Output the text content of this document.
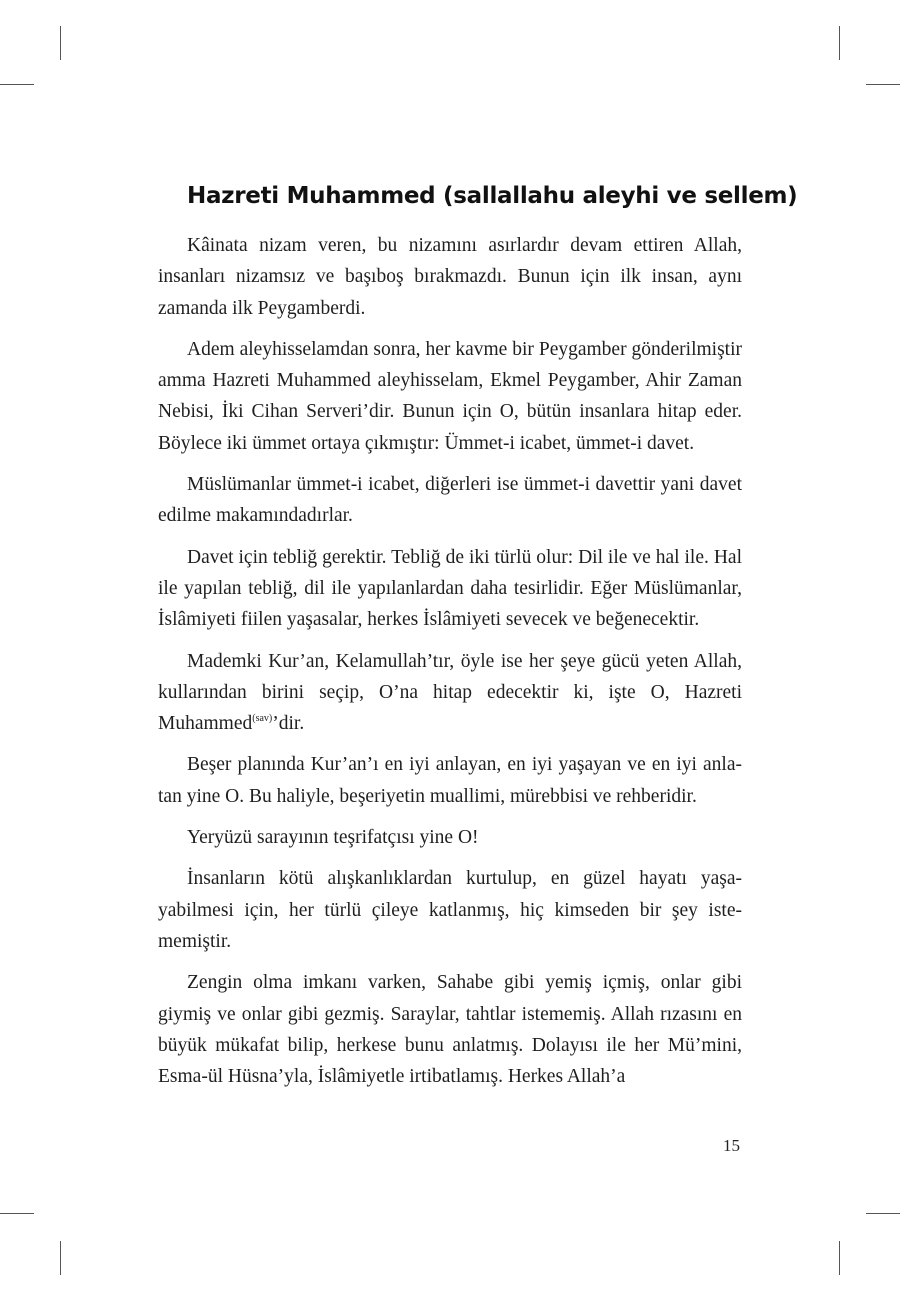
Hazreti Muhammed (sallallahu aleyhi ve sellem)

Kâinata nizam veren, bu nizamını asırlardır devam ettiren Allah, insanları nizamsız ve başıboş bırakmazdı. Bunun için ilk insan, aynı zamanda ilk Peygamberdi.

Adem aleyhisselamdan sonra, her kavme bir Peygamber gönderilmiştir amma Hazreti Muhammed aleyhisselam, Ekmel Peygamber, Ahir Zaman Nebisi, İki Cihan Serveri’dir. Bunun için O, bütün insanlara hitap eder. Böylece iki ümmet ortaya çıkmıştır: Ümmet-i icabet, ümmet-i davet.

Müslümanlar ümmet-i icabet, diğerleri ise ümmet-i davettir yani davet edilme makamındadırlar.

Davet için tebliğ gerektir. Tebliğ de iki türlü olur: Dil ile ve hal ile. Hal ile yapılan tebliğ, dil ile yapılanlardan daha tesirlidir. Eğer Müslümanlar, İslâmiyeti fiilen yaşasalar, herkes İslâmiyeti sevecek ve beğenecektir.

Mademki Kur’an, Kelamullah’tır, öyle ise her şeye gücü yeten Allah, kullarından birini seçip, O’na hitap edecektir ki, işte O, Hazreti Muhammed$^{(sav)}$’dir.

Beşer planında Kur’an’ı en iyi anlayan, en iyi yaşayan ve en iyi anlatan yine O. Bu haliyle, beşeriyetin muallimi, mürebbisi ve rehberidir.

Yeryüzü sarayının teşrifatçısı yine O!

İnsanların kötü alışkanlıklardan kurtulup, en güzel hayatı yaşayabilmesi için, her türlü çileye katlanmış, hiç kimseden bir şey istememiştir.

Zengin olma imkanı varken, Sahabe gibi yemiş içmiş, onlar gibi giymiş ve onlar gibi gezmiş. Saraylar, tahtlar istememiş. Allah rızasını en büyük mükafat bilip, herkese bunu anlatmış. Dolayısı ile her Mü’mini, Esma-ül Hüsna’yla, İslâmiyetle irtibatlamış. Herkes Allah’a

15
